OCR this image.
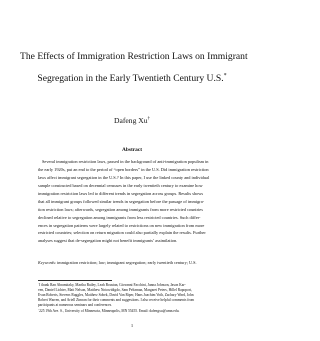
The Effects of Immigration Restriction Laws on Immigrant
Segregation in the Early Twentieth Century U.S.*
Dafeng Xu†
Abstract
Several immigration restriction laws, passed in the background of anti-immigration populism in
the early 1920s, put an end to the period of “open borders” in the U.S. Did immigration restriction
laws affect immigrant segregation in the U.S.? In this paper, I use the linked county and individual
sample constructed based on decennial censuses in the early twentieth century to examine how
immigration restriction laws led to different trends in segregation across groups. Results shows
that all immigrant groups followed similar trends in segregation before the passage of immigra-
tion restriction laws; afterwards, segregation among immigrants from more restricted countries
declined relative to segregation among immigrants from less restricted countries. Such differ-
ences in segregation patterns were largely related to restrictions on new immigration from more
restricted countries; selection on return migration could also partially explain the results. Further
analyses suggest that de-segregation might not benefit immigrants’ assimilation.
Keywords: immigration restriction; law; immigrant segregation; early twentieth century; U.S.
*I thank Ran Abramitzky, Martha Bailey, Leah Boustan, Giovanni Facchini, Janna Johnson, Jason Kar-
ven, Daniel Lichter, Matt Nelson, Matthew Notowidigdo, Sam Peltzman, Margaret Peters, Hillel Rapoport,
Evan Roberts, Stevens Ruggles, Matthew Sobek, David Van Riper, Hans Joachim Voth, Zachary Ward, John
Robert Warren, and Ariell Zimran for their comments and suggestions. I also receive helpful comments from
participants at numerous seminars and conferences.
†225 19th Ave. S., University of Minnesota, Minneapolis, MN 55455. Email: dafengxu@umn.edu.
1
